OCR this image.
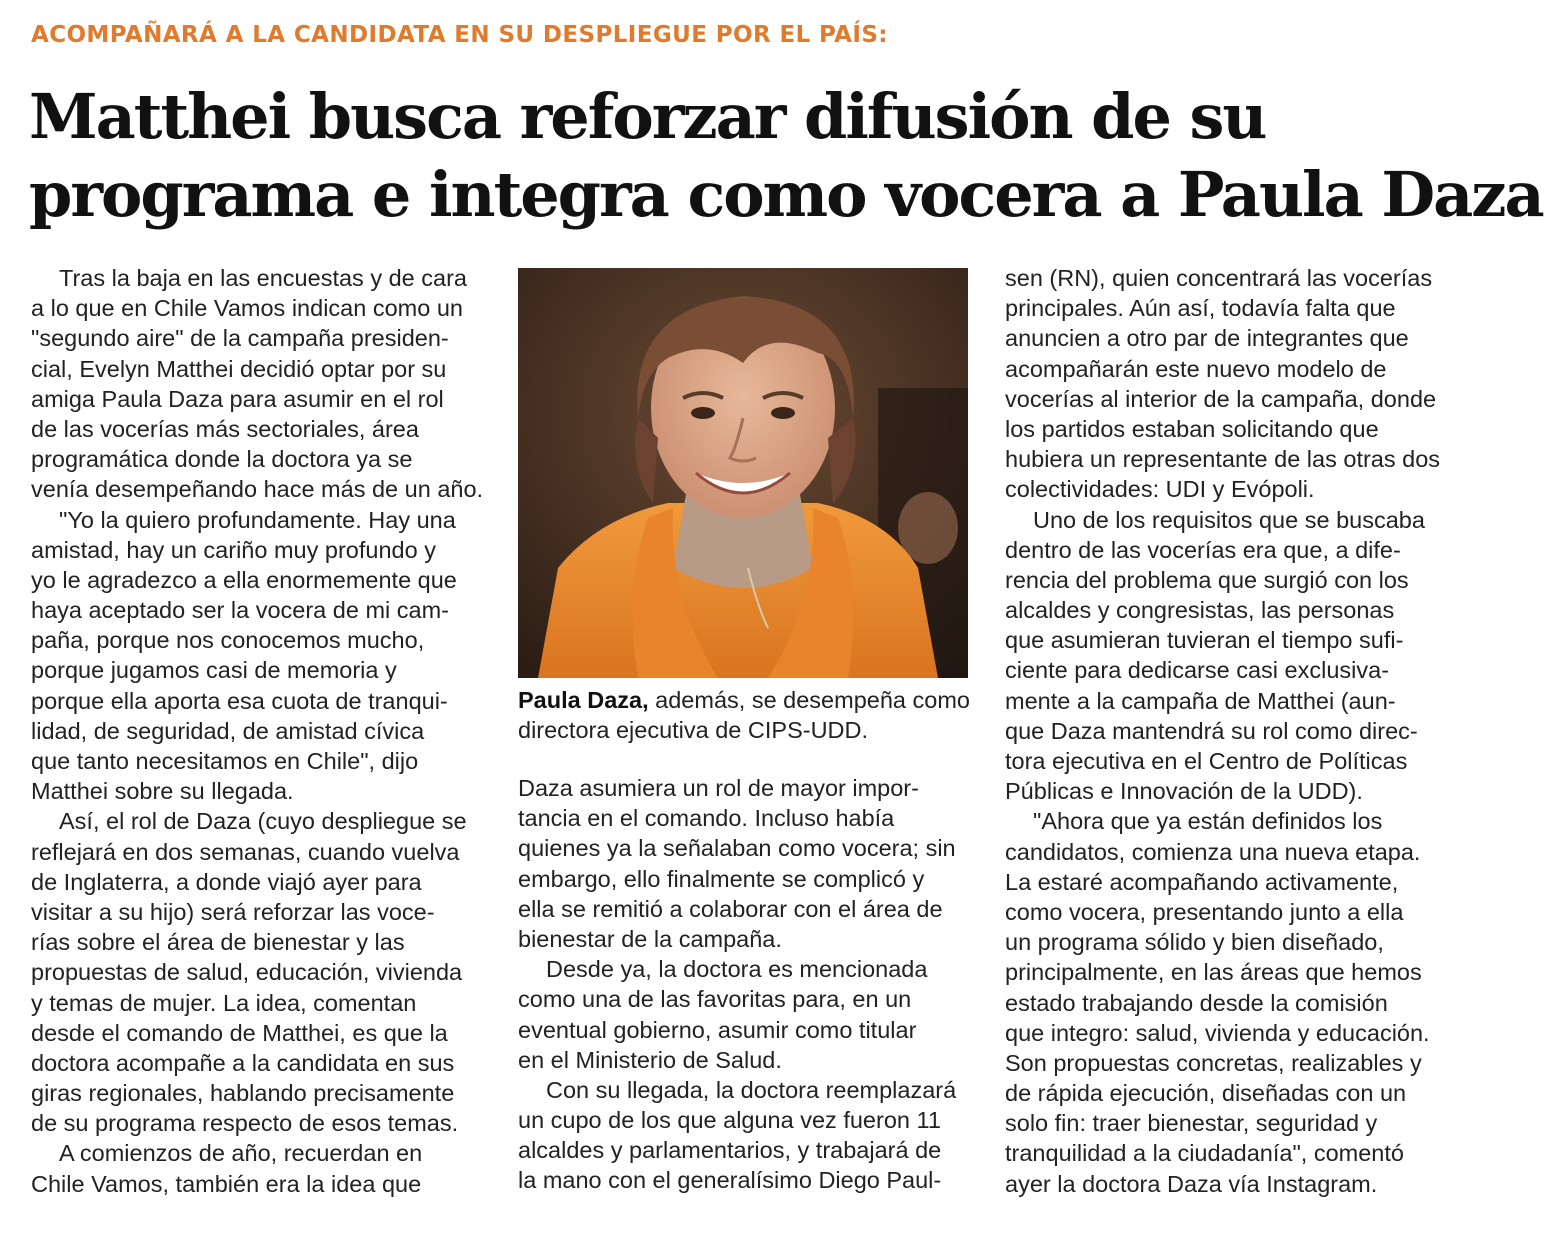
ACOMPAÑARÁ A LA CANDIDATA EN SU DESPLIEGUE POR EL PAÍS:
Matthei busca reforzar difusión de su
programa e integra como vocera a Paula Daza
Tras la baja en las encuestas y de cara
a lo que en Chile Vamos indican como un
"segundo aire" de la campaña presiden-
cial, Evelyn Matthei decidió optar por su
amiga Paula Daza para asumir en el rol
de las vocerías más sectoriales, área
programática donde la doctora ya se
venía desempeñando hace más de un año.
"Yo la quiero profundamente. Hay una
amistad, hay un cariño muy profundo y
yo le agradezco a ella enormemente que
haya aceptado ser la vocera de mi cam-
paña, porque nos conocemos mucho,
porque jugamos casi de memoria y
porque ella aporta esa cuota de tranqui-
lidad, de seguridad, de amistad cívica
que tanto necesitamos en Chile", dijo
Matthei sobre su llegada.
Así, el rol de Daza (cuyo despliegue se
reflejará en dos semanas, cuando vuelva
de Inglaterra, a donde viajó ayer para
visitar a su hijo) será reforzar las voce-
rías sobre el área de bienestar y las
propuestas de salud, educación, vivienda
y temas de mujer. La idea, comentan
desde el comando de Matthei, es que la
doctora acompañe a la candidata en sus
giras regionales, hablando precisamente
de su programa respecto de esos temas.
A comienzos de año, recuerdan en
Chile Vamos, también era la idea que
Paula Daza, además, se desempeña como
directora ejecutiva de CIPS-UDD.
Daza asumiera un rol de mayor impor-
tancia en el comando. Incluso había
quienes ya la señalaban como vocera; sin
embargo, ello finalmente se complicó y
ella se remitió a colaborar con el área de
bienestar de la campaña.
Desde ya, la doctora es mencionada
como una de las favoritas para, en un
eventual gobierno, asumir como titular
en el Ministerio de Salud.
Con su llegada, la doctora reemplazará
un cupo de los que alguna vez fueron 11
alcaldes y parlamentarios, y trabajará de
la mano con el generalísimo Diego Paul-
sen (RN), quien concentrará las vocerías
principales. Aún así, todavía falta que
anuncien a otro par de integrantes que
acompañarán este nuevo modelo de
vocerías al interior de la campaña, donde
los partidos estaban solicitando que
hubiera un representante de las otras dos
colectividades: UDI y Evópoli.
Uno de los requisitos que se buscaba
dentro de las vocerías era que, a dife-
rencia del problema que surgió con los
alcaldes y congresistas, las personas
que asumieran tuvieran el tiempo sufi-
ciente para dedicarse casi exclusiva-
mente a la campaña de Matthei (aun-
que Daza mantendrá su rol como direc-
tora ejecutiva en el Centro de Políticas
Públicas e Innovación de la UDD).
"Ahora que ya están definidos los
candidatos, comienza una nueva etapa.
La estaré acompañando activamente,
como vocera, presentando junto a ella
un programa sólido y bien diseñado,
principalmente, en las áreas que hemos
estado trabajando desde la comisión
que integro: salud, vivienda y educación.
Son propuestas concretas, realizables y
de rápida ejecución, diseñadas con un
solo fin: traer bienestar, seguridad y
tranquilidad a la ciudadanía", comentó
ayer la doctora Daza vía Instagram.
